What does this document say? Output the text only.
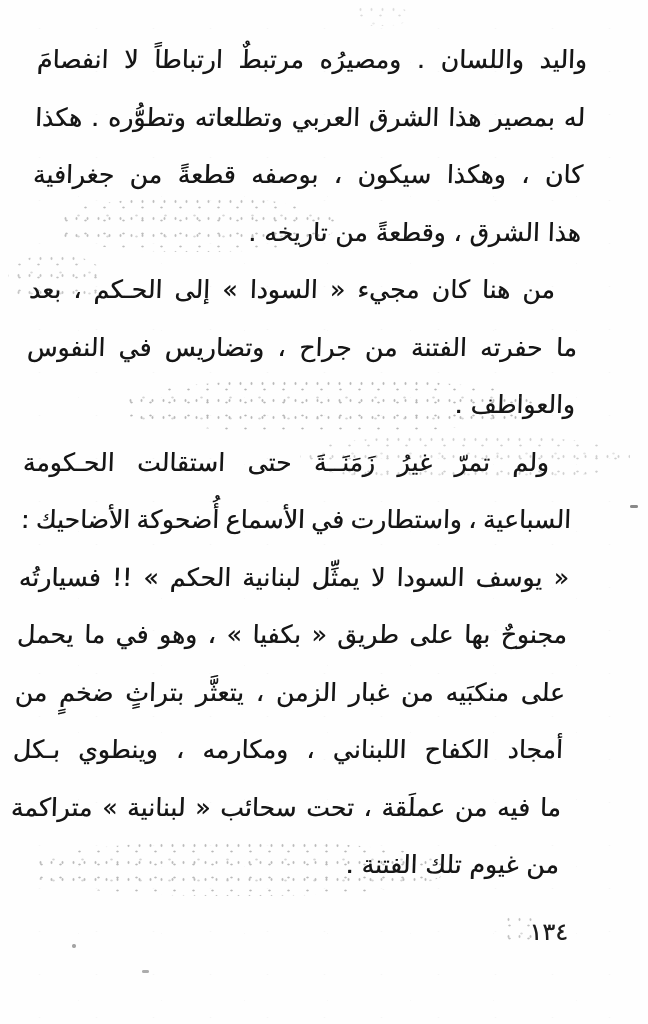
واليد
واللسان
.
ومصيرُه
مرتبطٌ
ارتباطاً
لا
انفصامَ
له
بمصير
هذا
الشرق
العربي
وتطلعاته
وتطوُّره
.
هكذا
كان
،
وهكذا
سيكون
،
بوصفه
قطعةً
من
جغرافية
هذا الشرق ، وقطعةً من تاريخه .
من
هنا
كان
مجيء
«
السودا
»
إلى
الحـكم
،
بعد
ما
حفرته
الفتنة
من
جراح
،
وتضاريس
في
النفوس
والعواطف .
ولم
تمرّ
غيرُ
زَمَنَــةَ
حتى
استقالت
الحـكومة
السباعية
،
واستطارت
في
الأسماع
أُضحوكة
الأضاحيك
:
«
يوسف
السودا
لا
يمثِّل
لبنانية
الحكم
»
!!
فسيارتُه
مجنوحٌ
بها
على
طريق
«
بكفيا
»
،
وهو
في
ما
يحمل
على
منكبَيه
من
غبار
الزمن
،
يتعثَّر
بتراثٍ
ضخمٍ
من
أمجاد
الكفاح
اللبناني
،
ومكارمه
،
وينطوي
بـكل
ما
فيه
من
عملَقة
،
تحت
سحائب
«
لبنانية
»
متراكمة
من غيوم تلك الفتنة .
١٣٤
